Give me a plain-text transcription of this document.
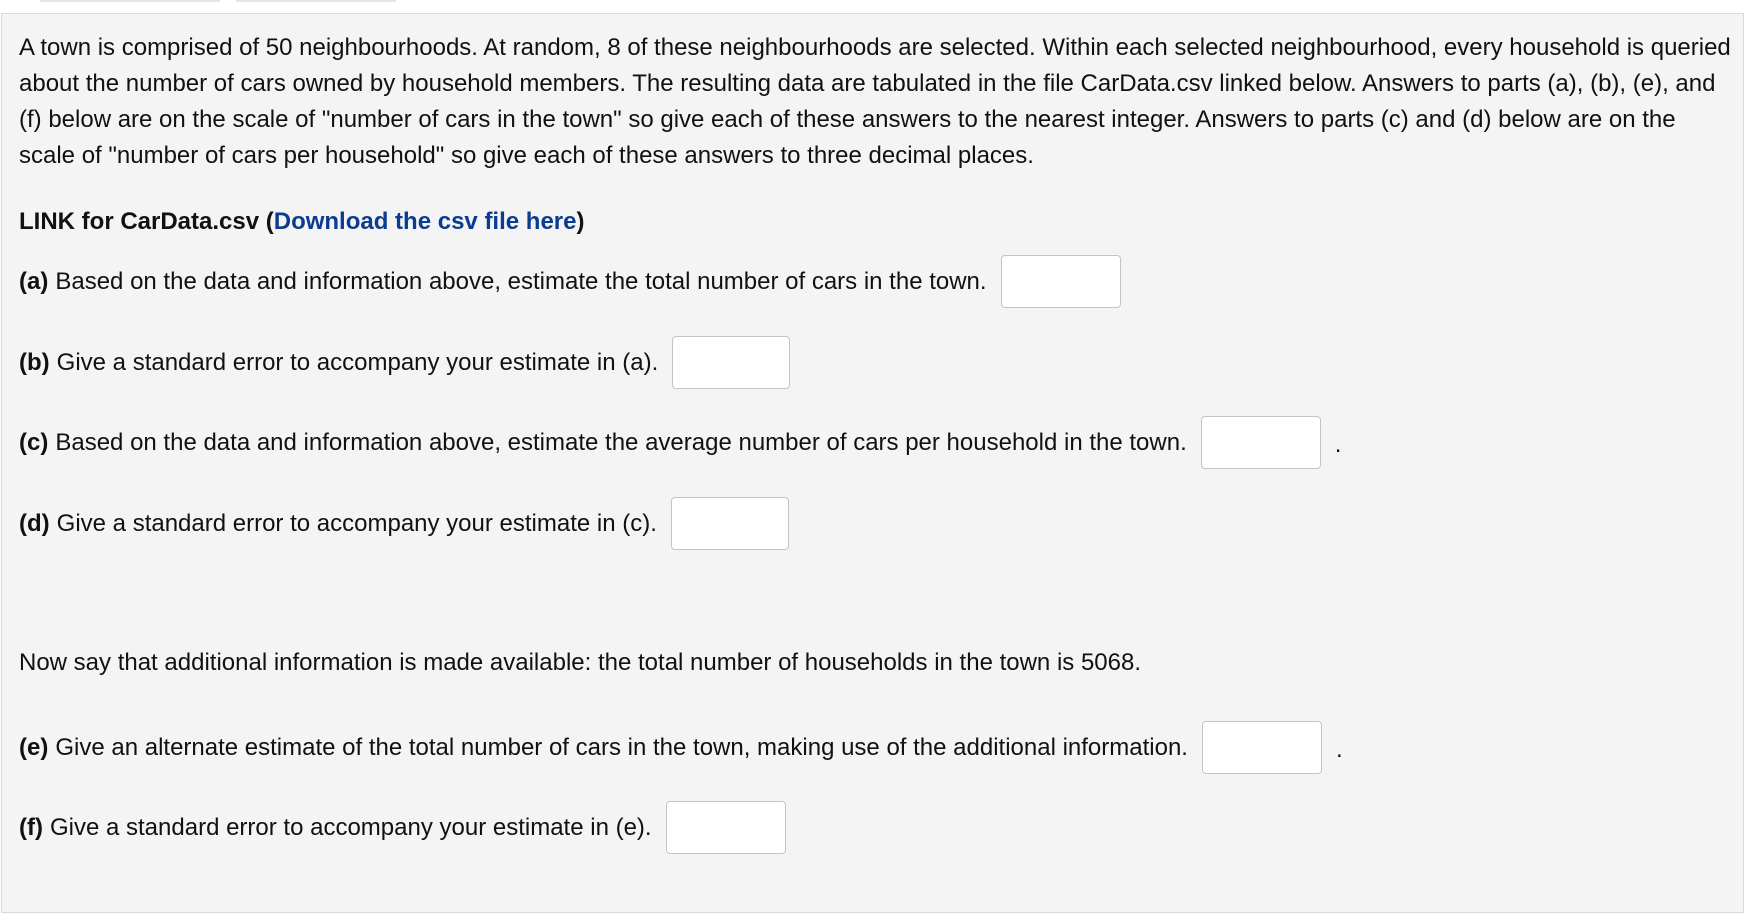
A town is comprised of 50 neighbourhoods. At random, 8 of these neighbourhoods are selected. Within each selected neighbourhood, every household is queried about the number of cars owned by household members. The resulting data are tabulated in the file CarData.csv linked below. Answers to parts (a), (b), (e), and (f) below are on the scale of "number of cars in the town" so give each of these answers to the nearest integer. Answers to parts (c) and (d) below are on the scale of "number of cars per household" so give each of these answers to three decimal places.
LINK for CarData.csv (Download the csv file here)
(a) Based on the data and information above, estimate the total number of cars in the town.
(b) Give a standard error to accompany your estimate in (a).
(c) Based on the data and information above, estimate the average number of cars per household in the town.	.
(d) Give a standard error to accompany your estimate in (c).
Now say that additional information is made available: the total number of households in the town is 5068.
(e) Give an alternate estimate of the total number of cars in the town, making use of the additional information.	.
(f) Give a standard error to accompany your estimate in (e).
